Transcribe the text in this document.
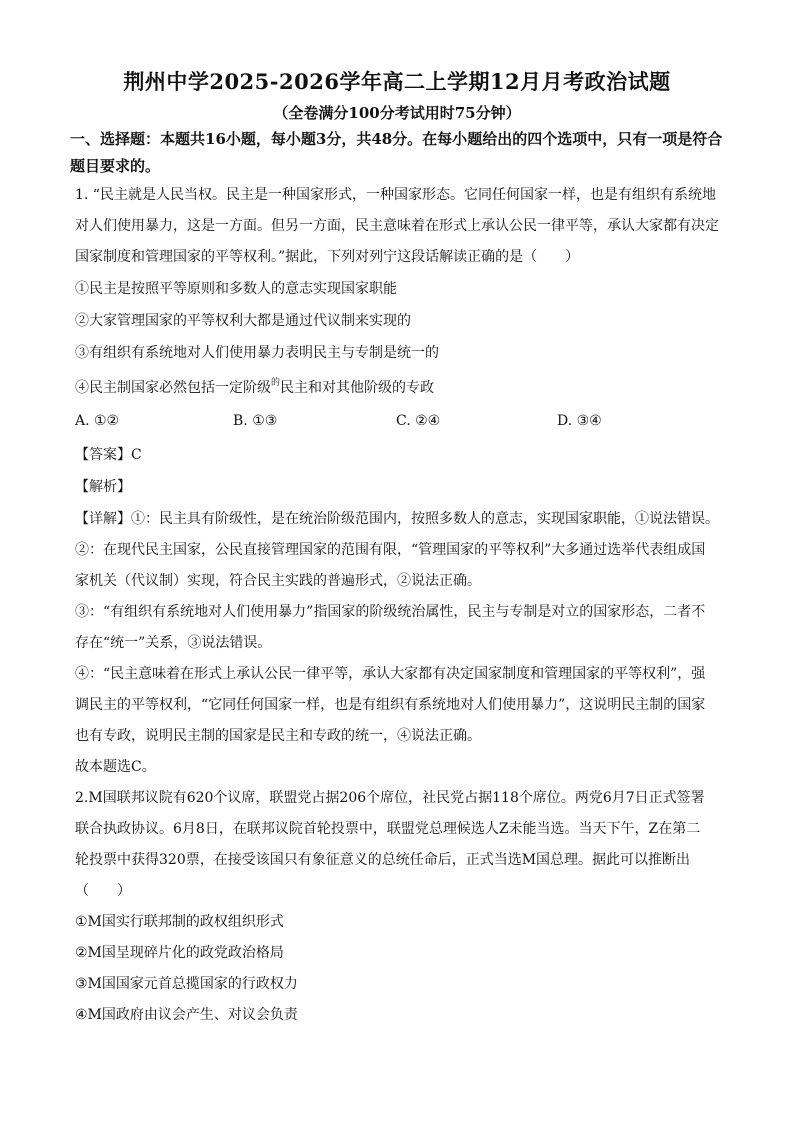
荆州中学2025-2026学年高二上学期12月月考政治试题
（全卷满分100分考试用时75分钟）
一、选择题：本题共16小题，每小题3分，共48分。在每小题给出的四个选项中，只有一项是符合题目要求的。
1. “民主就是人民当权。民主是一种国家形式，一种国家形态。它同任何国家一样，也是有组织有系统地
对人们使用暴力，这是一方面。但另一方面，民主意味着在形式上承认公民一律平等，承认大家都有决定
国家制度和管理国家的平等权利。”据此，下列对列宁这段话解读正确的是（　　）
①民主是按照平等原则和多数人的意志实现国家职能
②大家管理国家的平等权利大都是通过代议制来实现的
③有组织有系统地对人们使用暴力表明民主与专制是统一的
④民主制国家必然包括一定阶级$^的$民主和对其他阶级的专政
A. ①②	B. ①③	C. ②④	D. ③④
【答案】C
【解析】
【详解】①：民主具有阶级性，是在统治阶级范围内，按照多数人的意志，实现国家职能，①说法错误。
②：在现代民主国家，公民直接管理国家的范围有限，“管理国家的平等权利”大多通过选举代表组成国
家机关（代议制）实现，符合民主实践的普遍形式，②说法正确。
③：“有组织有系统地对人们使用暴力”指国家的阶级统治属性，民主与专制是对立的国家形态，二者不
存在“统一”关系，③说法错误。
④：“民主意味着在形式上承认公民一律平等，承认大家都有决定国家制度和管理国家的平等权利”，强
调民主的平等权利，“它同任何国家一样，也是有组织有系统地对人们使用暴力”，这说明民主制的国家
也有专政，说明民主制的国家是民主和专政的统一，④说法正确。
故本题选C。
2.M国联邦议院有620个议席，联盟党占据206个席位，社民党占据118个席位。两党6月7日正式签署
联合执政协议。6月8日，在联邦议院首轮投票中，联盟党总理候选人Z未能当选。当天下午，Z在第二
轮投票中获得320票，在接受该国只有象征意义的总统任命后，正式当选M国总理。据此可以推断出
（　　）
①M国实行联邦制的政权组织形式
②M国呈现碎片化的政党政治格局
③M国国家元首总揽国家的行政权力
④M国政府由议会产生、对议会负责
